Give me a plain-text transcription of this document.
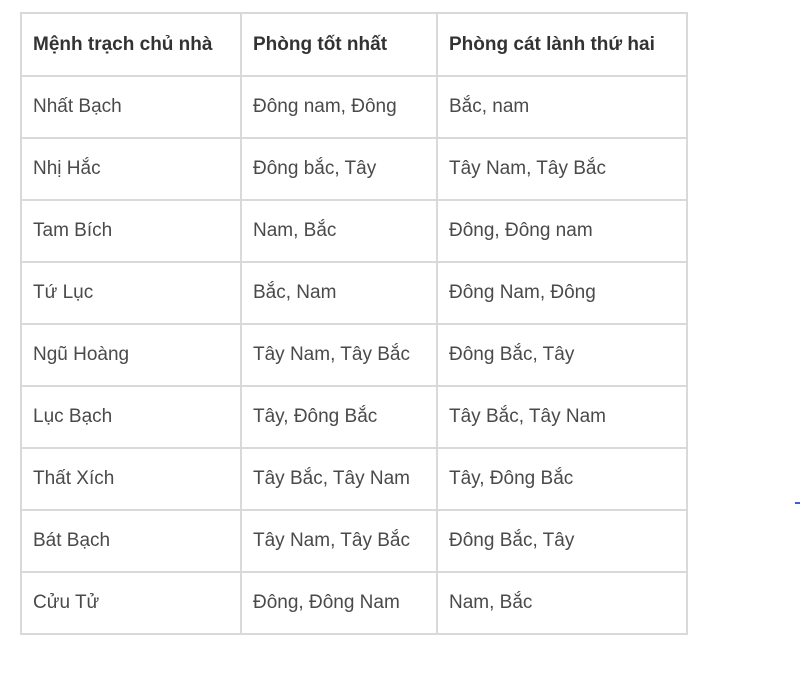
Mệnh trạch chủ nhà	Phòng tốt nhất	Phòng cát lành thứ hai
Nhất Bạch	Đông nam, Đông	Bắc, nam
Nhị Hắc	Đông bắc, Tây	Tây Nam, Tây Bắc
Tam Bích	Nam, Bắc	Đông, Đông nam
Tứ Lục	Bắc, Nam	Đông Nam, Đông
Ngũ Hoàng	Tây Nam, Tây Bắc	Đông Bắc, Tây
Lục Bạch	Tây, Đông Bắc	Tây Bắc, Tây Nam
Thất Xích	Tây Bắc, Tây Nam	Tây, Đông Bắc
Bát Bạch	Tây Nam, Tây Bắc	Đông Bắc, Tây
Cửu Tử	Đông, Đông Nam	Nam, Bắc
